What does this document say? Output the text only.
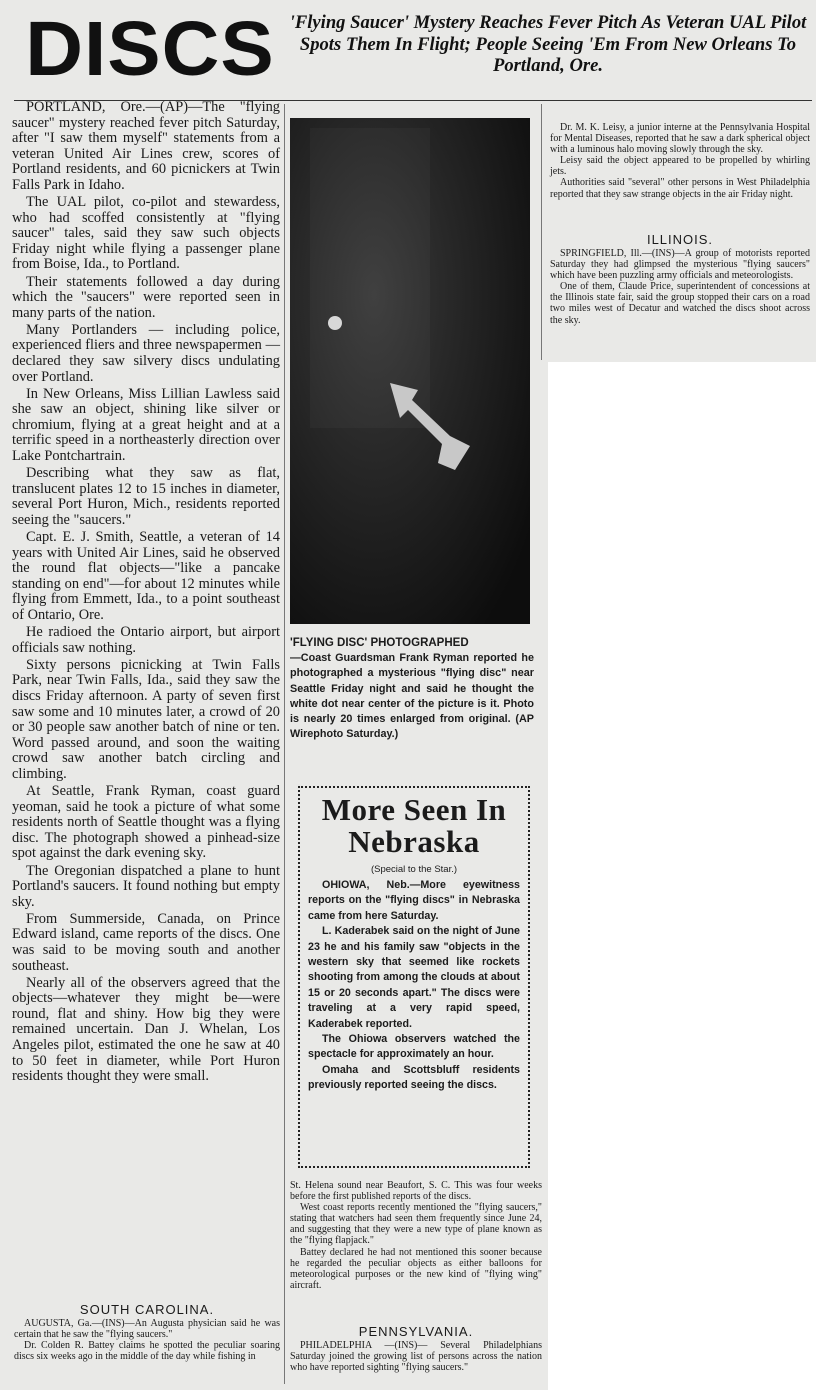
DISCS 'Flying Saucer' Mystery Reaches Fever Pitch As Veteran UAL Pilot Spots Them In Flight; People Seeing 'Em From New Orleans To Portland, Ore.

PORTLAND, Ore.—(AP)—The "flying saucer" mystery reached fever pitch Saturday, after "I saw them myself" statements from a veteran United Air Lines crew, scores of Portland residents, and 60 picnickers at Twin Falls Park in Idaho.

The UAL pilot, co-pilot and stewardess, who had scoffed consistently at "flying saucer" tales, said they saw such objects Friday night while flying a passenger plane from Boise, Ida., to Portland.

Their statements followed a day during which the "saucers" were reported seen in many parts of the nation.

Many Portlanders — including police, experienced fliers and three newspapermen — declared they saw silvery discs undulating over Portland.

In New Orleans, Miss Lillian Lawless said she saw an object, shining like silver or chromium, flying at a great height and at a terrific speed in a northeasterly direction over Lake Pontchartrain.

Describing what they saw as flat, translucent plates 12 to 15 inches in diameter, several Port Huron, Mich., residents reported seeing the "saucers."

Capt. E. J. Smith, Seattle, a veteran of 14 years with United Air Lines, said he observed the round flat objects—"like a pancake standing on end"—for about 12 minutes while flying from Emmett, Ida., to a point southeast of Ontario, Ore.

He radioed the Ontario airport, but airport officials saw nothing.

Sixty persons picnicking at Twin Falls Park, near Twin Falls, Ida., said they saw the discs Friday afternoon. A party of seven first saw some and 10 minutes later, a crowd of 20 or 30 people saw another batch of nine or ten. Word passed around, and soon the waiting crowd saw another batch circling and climbing.

At Seattle, Frank Ryman, coast guard yeoman, said he took a picture of what some residents north of Seattle thought was a flying disc. The photograph showed a pinhead-size spot against the dark evening sky.

The Oregonian dispatched a plane to hunt Portland's saucers. It found nothing but empty sky.

From Summerside, Canada, on Prince Edward island, came reports of the discs. One was said to be moving south and another southeast.

Nearly all of the observers agreed that the objects—whatever they might be—were round, flat and shiny. How big they were remained uncertain. Dan J. Whelan, Los Angeles pilot, estimated the one he saw at 40 to 50 feet in diameter, while Port Huron residents thought they were small.

SOUTH CAROLINA.

AUGUSTA, Ga.—(INS)—An Augusta physician said he was certain that he saw the "flying saucers."

Dr. Colden R. Battey claims he spotted the peculiar soaring discs six weeks ago in the middle of the day while fishing in

'FLYING DISC' PHOTOGRAPHED
—Coast Guardsman Frank Ryman reported he photographed a mysterious "flying disc" near Seattle Friday night and said he thought the white dot near center of the picture is it. Photo is nearly 20 times enlarged from original. (AP Wirephoto Saturday.)
More Seen In Nebraska
(Special to the Star.)

OHIOWA, Neb.—More eyewitness reports on the "flying discs" in Nebraska came from here Saturday.

L. Kaderabek said on the night of June 23 he and his family saw "objects in the western sky that seemed like rockets shooting from among the clouds at about 15 or 20 seconds apart." The discs were traveling at a very rapid speed, Kaderabek reported.

The Ohiowa observers watched the spectacle for approximately an hour.

Omaha and Scottsbluff residents previously reported seeing the discs.

St. Helena sound near Beaufort, S. C. This was four weeks before the first published reports of the discs.

West coast reports recently mentioned the "flying saucers," stating that watchers had seen them frequently since June 24, and suggesting that they were a new type of plane known as the "flying flapjack."

Battey declared he had not mentioned this sooner because he regarded the peculiar objects as either balloons for meteorological purposes or the new kind of "flying wing" aircraft.

PENNSYLVANIA.

PHILADELPHIA —(INS)— Several Philadelphians Saturday joined the growing list of persons across the nation who have reported sighting "flying saucers."

Dr. M. K. Leisy, a junior interne at the Pennsylvania Hospital for Mental Diseases, reported that he saw a dark spherical object with a luminous halo moving slowly through the sky.

Leisy said the object appeared to be propelled by whirling jets.

Authorities said "several" other persons in West Philadelphia reported that they saw strange objects in the air Friday night.

ILLINOIS.

SPRINGFIELD, Ill.—(INS)—A group of motorists reported Saturday they had glimpsed the mysterious "flying saucers" which have been puzzling army officials and meteorologists.

One of them, Claude Price, superintendent of concessions at the Illinois state fair, said the group stopped their cars on a road two miles west of Decatur and watched the discs shoot across the sky.
